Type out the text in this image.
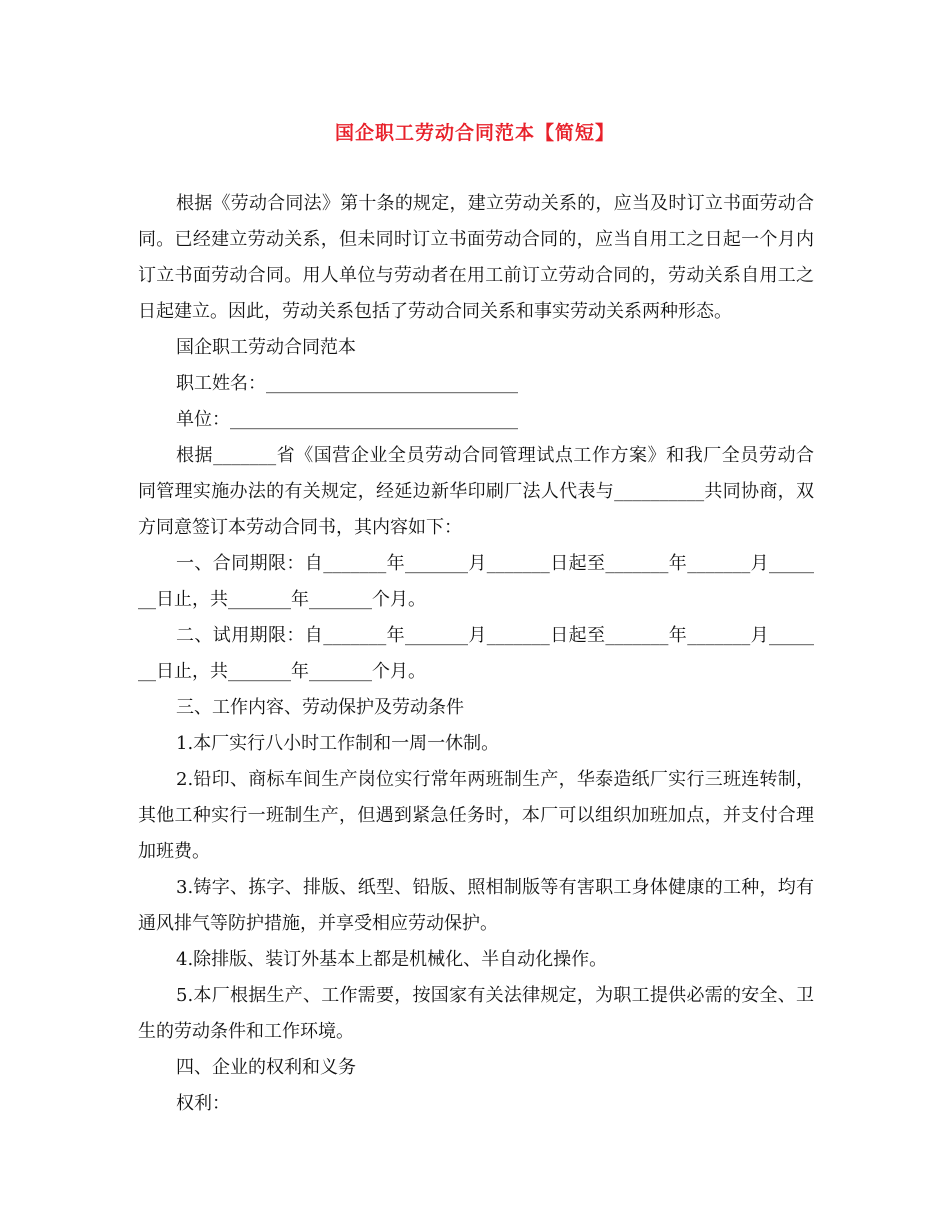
国企职工劳动合同范本【简短】

根据《劳动合同法》第十条的规定，建立劳动关系的，应当及时订立书面劳动合同。已经建立劳动关系，但未同时订立书面劳动合同的，应当自用工之日起一个月内订立书面劳动合同。用人单位与劳动者在用工前订立劳动合同的，劳动关系自用工之日起建立。因此，劳动关系包括了劳动合同关系和事实劳动关系两种形态。

国企职工劳动合同范本

职工姓名：____________________________

单位：________________________________

根据_______省《国营企业全员劳动合同管理试点工作方案》和我厂全员劳动合同管理实施办法的有关规定，经延边新华印刷厂法人代表与__________共同协商，双方同意签订本劳动合同书，其内容如下：

一、合同期限：自_______年_______月_______日起至_______年_______月_______日止，共_______年_______个月。

二、试用期限：自_______年_______月_______日起至_______年_______月_______日止，共_______年_______个月。

三、工作内容、劳动保护及劳动条件

1.本厂实行八小时工作制和一周一休制。

2.铅印、商标车间生产岗位实行常年两班制生产，华泰造纸厂实行三班连转制，其他工种实行一班制生产，但遇到紧急任务时，本厂可以组织加班加点，并支付合理加班费。

3.铸字、拣字、排版、纸型、铅版、照相制版等有害职工身体健康的工种，均有通风排气等防护措施，并享受相应劳动保护。

4.除排版、装订外基本上都是机械化、半自动化操作。

5.本厂根据生产、工作需要，按国家有关法律规定，为职工提供必需的安全、卫生的劳动条件和工作环境。

四、企业的权利和义务

权利：
